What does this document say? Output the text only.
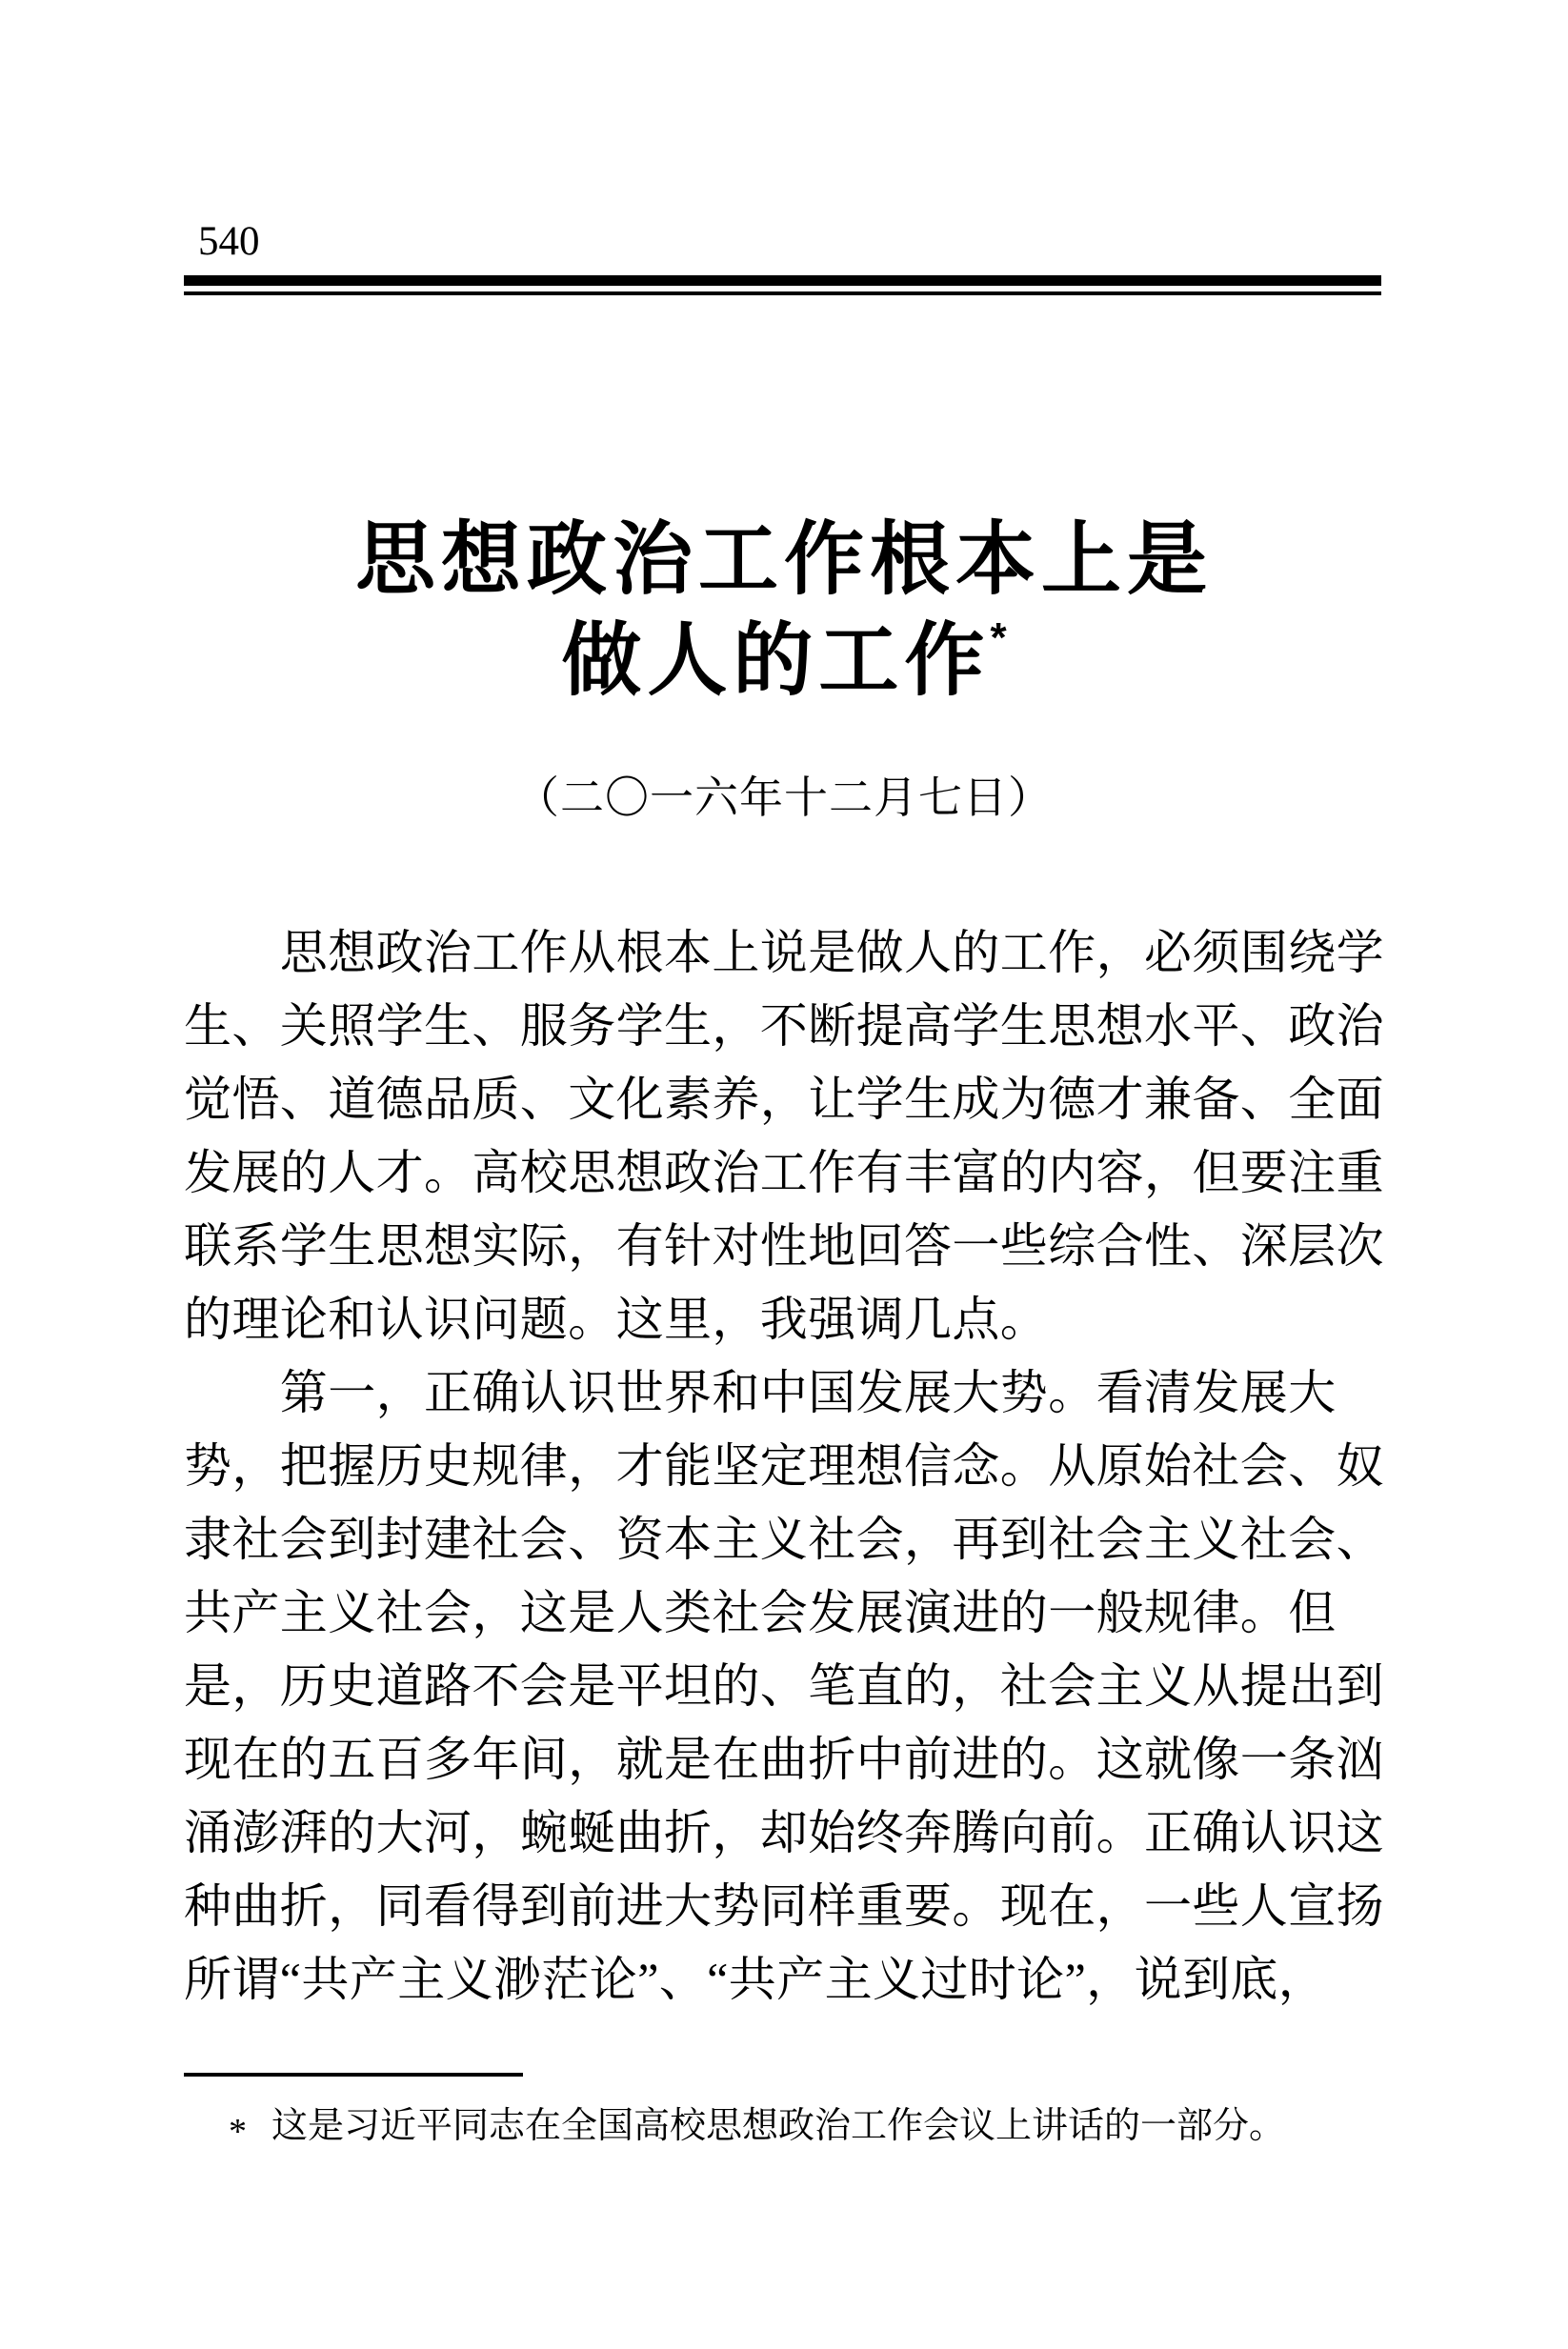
540
思想政治工作根本上是
做人的工作*
（二〇一六年十二月七日）
　　思想政治工作从根本上说是做人的工作，必须围绕学
生、关照学生、服务学生，不断提高学生思想水平、政治
觉悟、道德品质、文化素养，让学生成为德才兼备、全面
发展的人才。高校思想政治工作有丰富的内容，但要注重
联系学生思想实际，有针对性地回答一些综合性、深层次
的理论和认识问题。这里，我强调几点。
　　第一，正确认识世界和中国发展大势。看清发展大
势，把握历史规律，才能坚定理想信念。从原始社会、奴
隶社会到封建社会、资本主义社会，再到社会主义社会、
共产主义社会，这是人类社会发展演进的一般规律。但
是，历史道路不会是平坦的、笔直的，社会主义从提出到
现在的五百多年间，就是在曲折中前进的。这就像一条汹
涌澎湃的大河，蜿蜒曲折，却始终奔腾向前。正确认识这
种曲折，同看得到前进大势同样重要。现在，一些人宣扬
所谓“共产主义渺茫论”、“共产主义过时论”，说到底，
* 这是习近平同志在全国高校思想政治工作会议上讲话的一部分。
